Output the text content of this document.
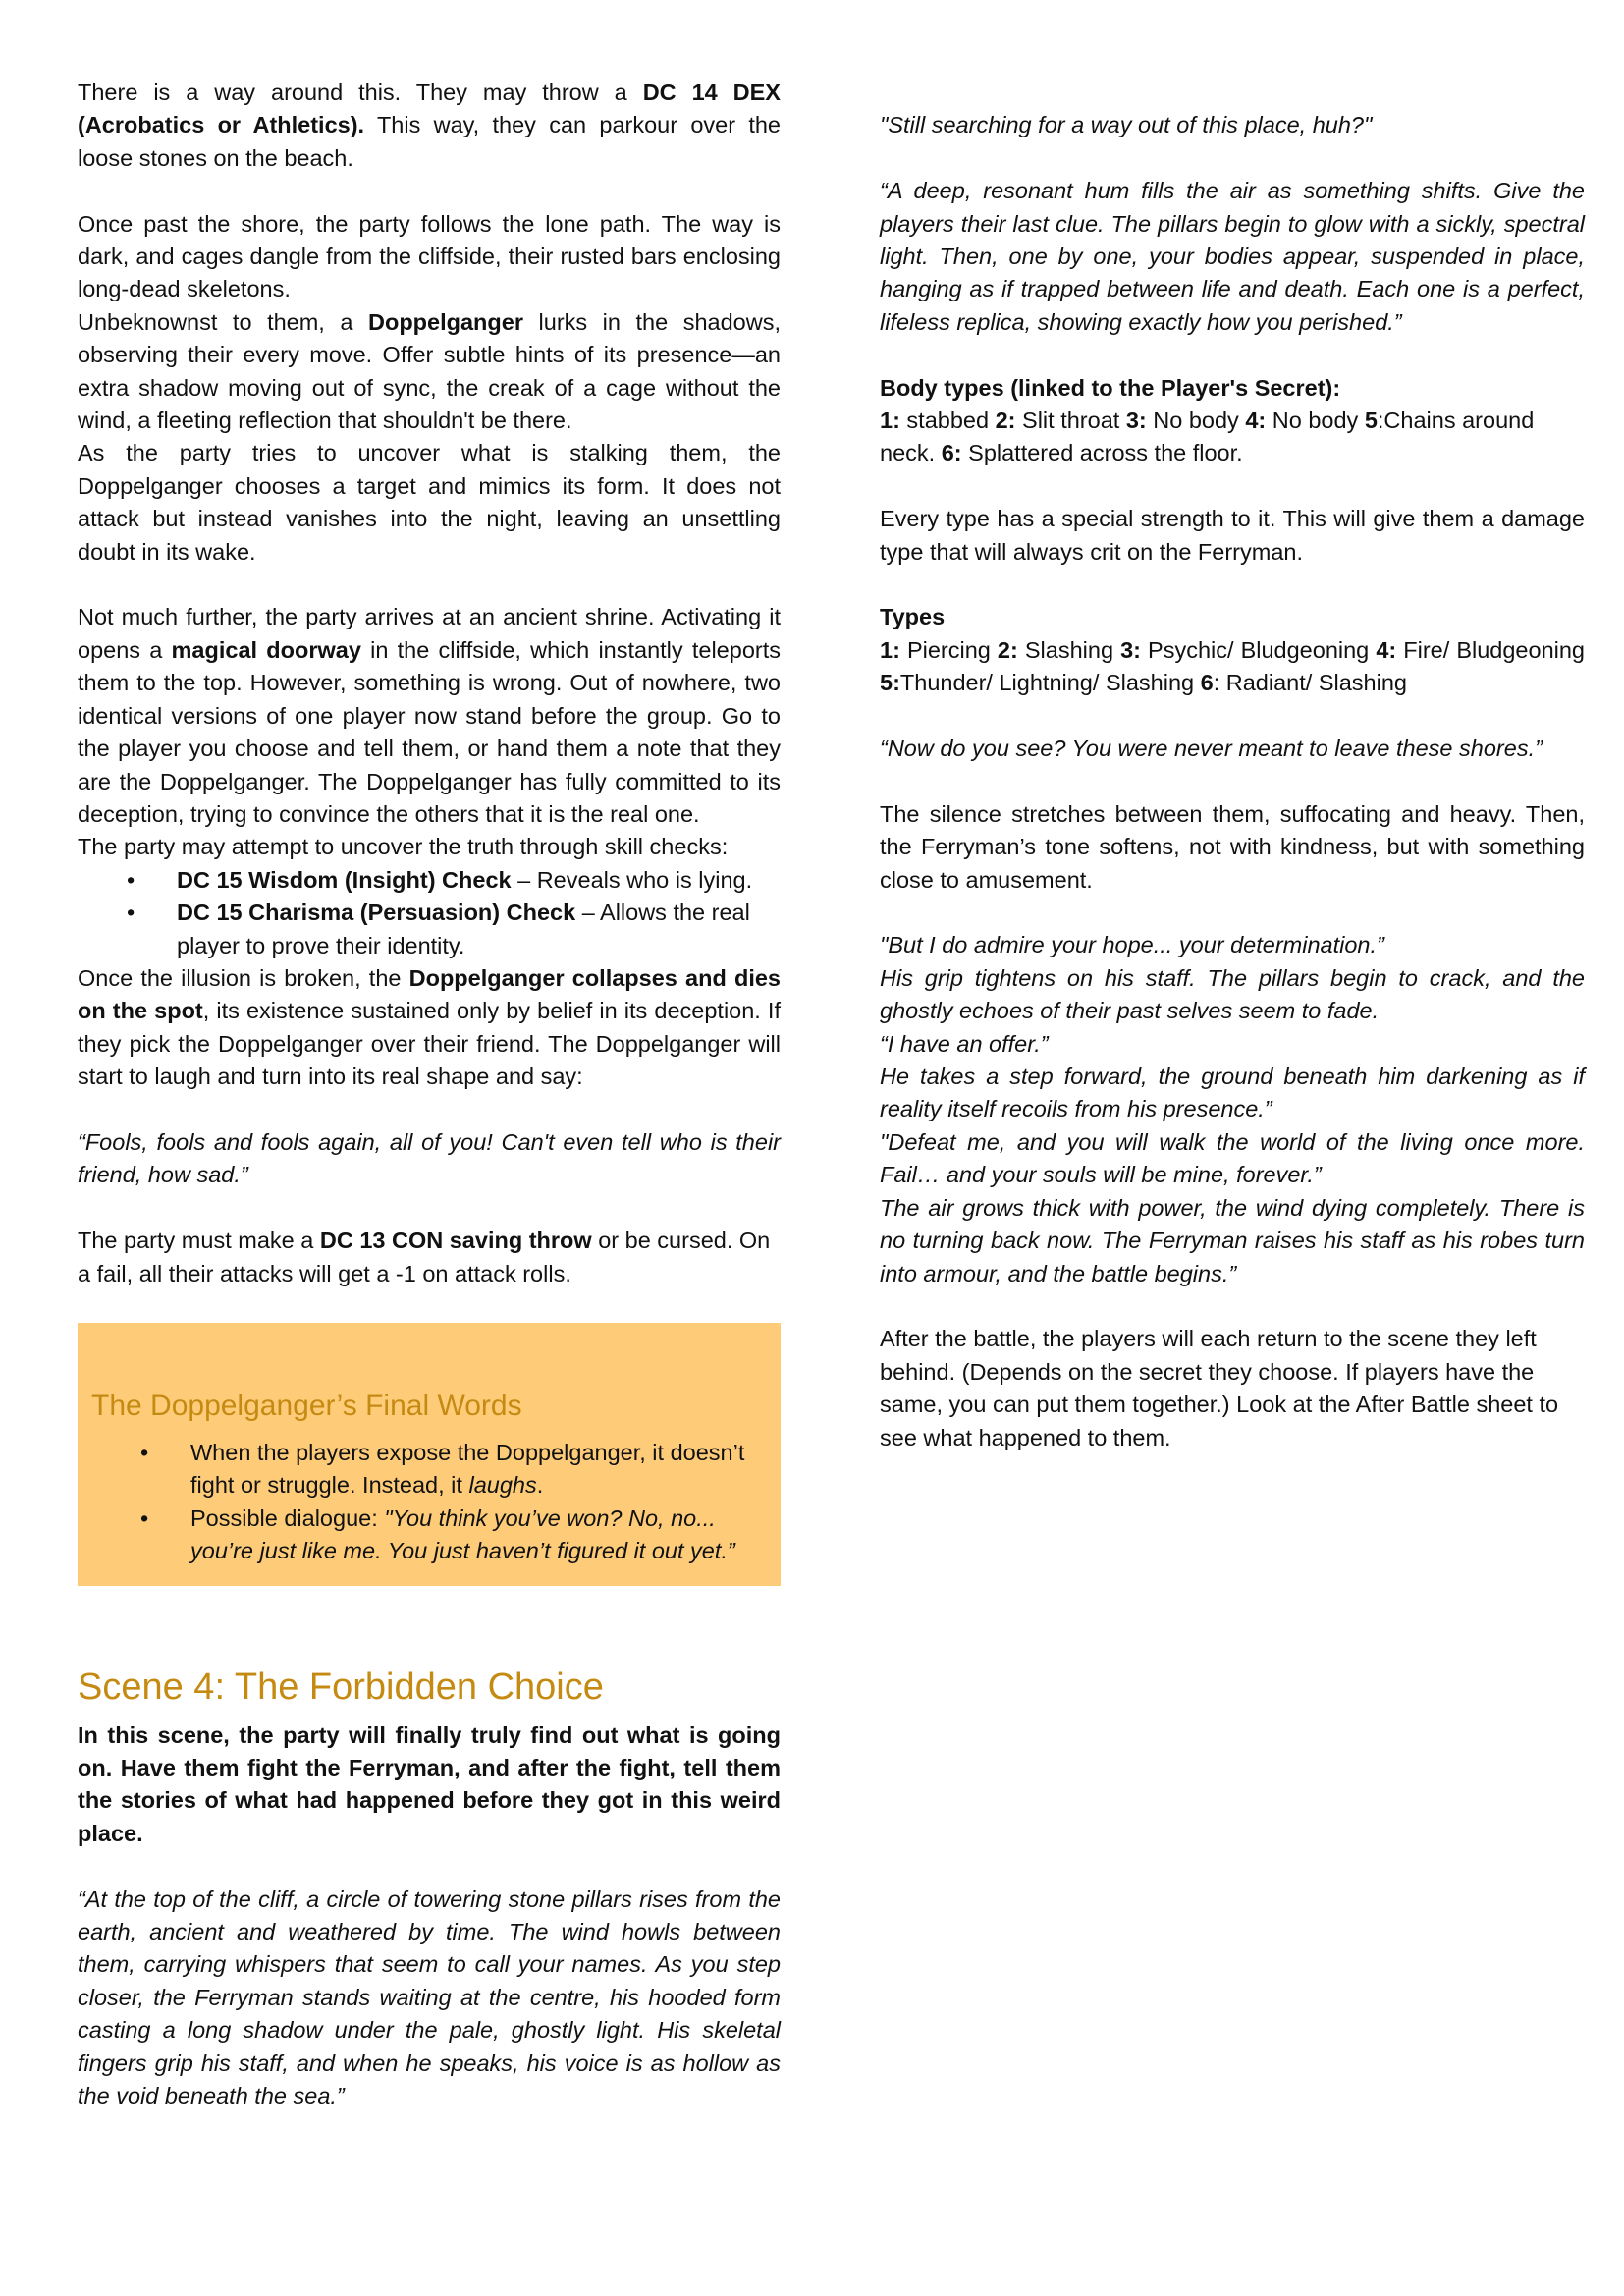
There is a way around this. They may throw a DC 14 DEX (Acrobatics or Athletics). This way, they can parkour over the loose stones on the beach.

Once past the shore, the party follows the lone path. The way is dark, and cages dangle from the cliffside, their rusted bars enclosing long-dead skeletons.

Unbeknownst to them, a Doppelganger lurks in the shadows, observing their every move. Offer subtle hints of its presence—an extra shadow moving out of sync, the creak of a cage without the wind, a fleeting reflection that shouldn't be there.

As the party tries to uncover what is stalking them, the Doppelganger chooses a target and mimics its form. It does not attack but instead vanishes into the night, leaving an unsettling doubt in its wake.

Not much further, the party arrives at an ancient shrine. Activating it opens a magical doorway in the cliffside, which instantly teleports them to the top. However, something is wrong. Out of nowhere, two identical versions of one player now stand before the group. Go to the player you choose and tell them, or hand them a note that they are the Doppelganger. The Doppelganger has fully committed to its deception, trying to convince the others that it is the real one.

The party may attempt to uncover the truth through skill checks:

• DC 15 Wisdom (Insight) Check – Reveals who is lying.
• DC 15 Charisma (Persuasion) Check – Allows the real player to prove their identity.

Once the illusion is broken, the Doppelganger collapses and dies on the spot, its existence sustained only by belief in its deception. If they pick the Doppelganger over their friend. The Doppelganger will start to laugh and turn into its real shape and say:

“Fools, fools and fools again, all of you! Can't even tell who is their friend, how sad.”

The party must make a DC 13 CON saving throw or be cursed. On a fail, all their attacks will get a -1 on attack rolls.

The Doppelganger’s Final Words
• When the players expose the Doppelganger, it doesn’t fight or struggle. Instead, it laughs.
• Possible dialogue: "You think you’ve won? No, no... you’re just like me. You just haven’t figured it out yet.”
Scene 4: The Forbidden Choice

In this scene, the party will finally truly find out what is going on. Have them fight the Ferryman, and after the fight, tell them the stories of what had happened before they got in this weird place.

“At the top of the cliff, a circle of towering stone pillars rises from the earth, ancient and weathered by time. The wind howls between them, carrying whispers that seem to call your names. As you step closer, the Ferryman stands waiting at the centre, his hooded form casting a long shadow under the pale, ghostly light. His skeletal fingers grip his staff, and when he speaks, his voice is as hollow as the void beneath the sea.”

"Still searching for a way out of this place, huh?"

“A deep, resonant hum fills the air as something shifts. Give the players their last clue. The pillars begin to glow with a sickly, spectral light. Then, one by one, your bodies appear, suspended in place, hanging as if trapped between life and death. Each one is a perfect, lifeless replica, showing exactly how you perished.”

Body types (linked to the Player's Secret):

1: stabbed 2: Slit throat 3: No body 4: No body 5:Chains around neck. 6: Splattered across the floor.

Every type has a special strength to it. This will give them a damage type that will always crit on the Ferryman.

Types

1: Piercing 2: Slashing 3: Psychic/ Bludgeoning 4: Fire/ Bludgeoning 5:Thunder/ Lightning/ Slashing 6: Radiant/ Slashing

“Now do you see? You were never meant to leave these shores.”

The silence stretches between them, suffocating and heavy. Then, the Ferryman’s tone softens, not with kindness, but with something close to amusement.

"But I do admire your hope... your determination.”

His grip tightens on his staff. The pillars begin to crack, and the ghostly echoes of their past selves seem to fade.

“I have an offer.”

He takes a step forward, the ground beneath him darkening as if reality itself recoils from his presence.”

"Defeat me, and you will walk the world of the living once more. Fail… and your souls will be mine, forever.”

The air grows thick with power, the wind dying completely. There is no turning back now. The Ferryman raises his staff as his robes turn into armour, and the battle begins.”

After the battle, the players will each return to the scene they left behind. (Depends on the secret they choose. If players have the same, you can put them together.) Look at the After Battle sheet to see what happened to them.
